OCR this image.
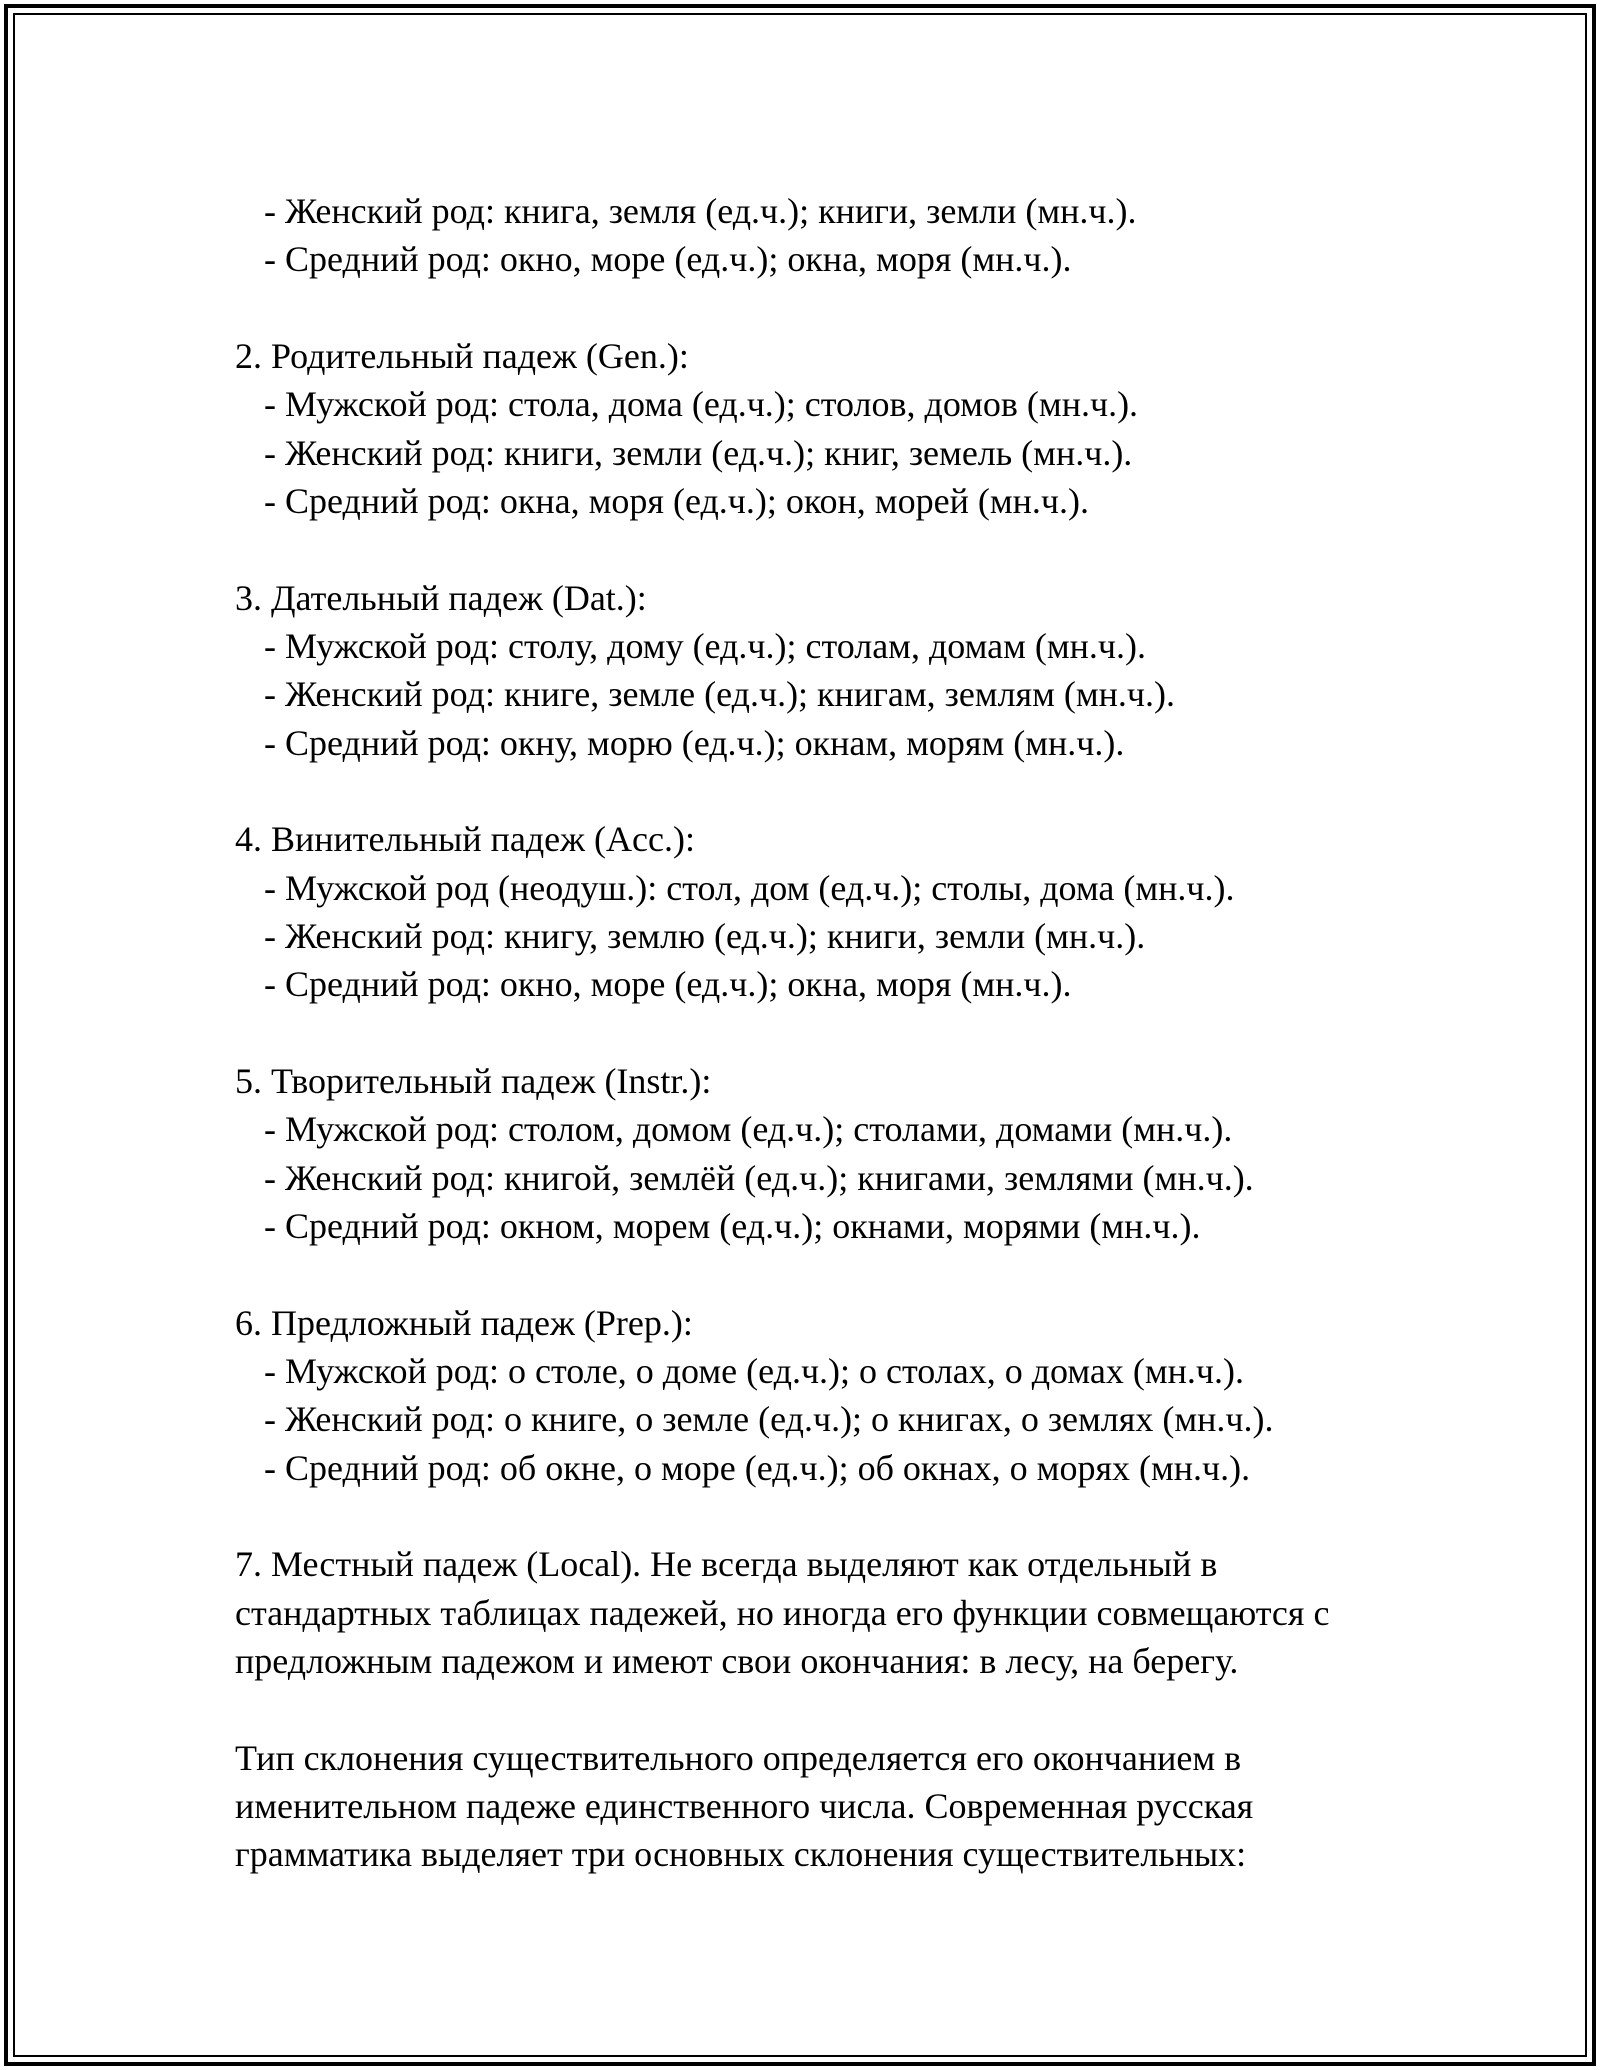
- Женский род: книга, земля (ед.ч.); книги, земли (мн.ч.).
- Средний род: окно, море (ед.ч.); окна, моря (мн.ч.).
2. Родительный падеж (Gen.):
- Мужской род: стола, дома (ед.ч.); столов, домов (мн.ч.).
- Женский род: книги, земли (ед.ч.); книг, земель (мн.ч.).
- Средний род: окна, моря (ед.ч.); окон, морей (мн.ч.).
3. Дательный падеж (Dat.):
- Мужской род: столу, дому (ед.ч.); столам, домам (мн.ч.).
- Женский род: книге, земле (ед.ч.); книгам, землям (мн.ч.).
- Средний род: окну, морю (ед.ч.); окнам, морям (мн.ч.).
4. Винительный падеж (Acc.):
- Мужской род (неодуш.): стол, дом (ед.ч.); столы, дома (мн.ч.).
- Женский род: книгу, землю (ед.ч.); книги, земли (мн.ч.).
- Средний род: окно, море (ед.ч.); окна, моря (мн.ч.).
5. Творительный падеж (Instr.):
- Мужской род: столом, домом (ед.ч.); столами, домами (мн.ч.).
- Женский род: книгой, землёй (ед.ч.); книгами, землями (мн.ч.).
- Средний род: окном, морем (ед.ч.); окнами, морями (мн.ч.).
6. Предложный падеж (Prep.):
- Мужской род: о столе, о доме (ед.ч.); о столах, о домах (мн.ч.).
- Женский род: о книге, о земле (ед.ч.); о книгах, о землях (мн.ч.).
- Средний род: об окне, о море (ед.ч.); об окнах, о морях (мн.ч.).
7. Местный падеж (Local). Не всегда выделяют как отдельный в
стандартных таблицах падежей, но иногда его функции совмещаются с
предложным падежом и имеют свои окончания: в лесу, на берегу.
Тип склонения существительного определяется его окончанием в
именительном падеже единственного числа. Современная русская
грамматика выделяет три основных склонения существительных:
